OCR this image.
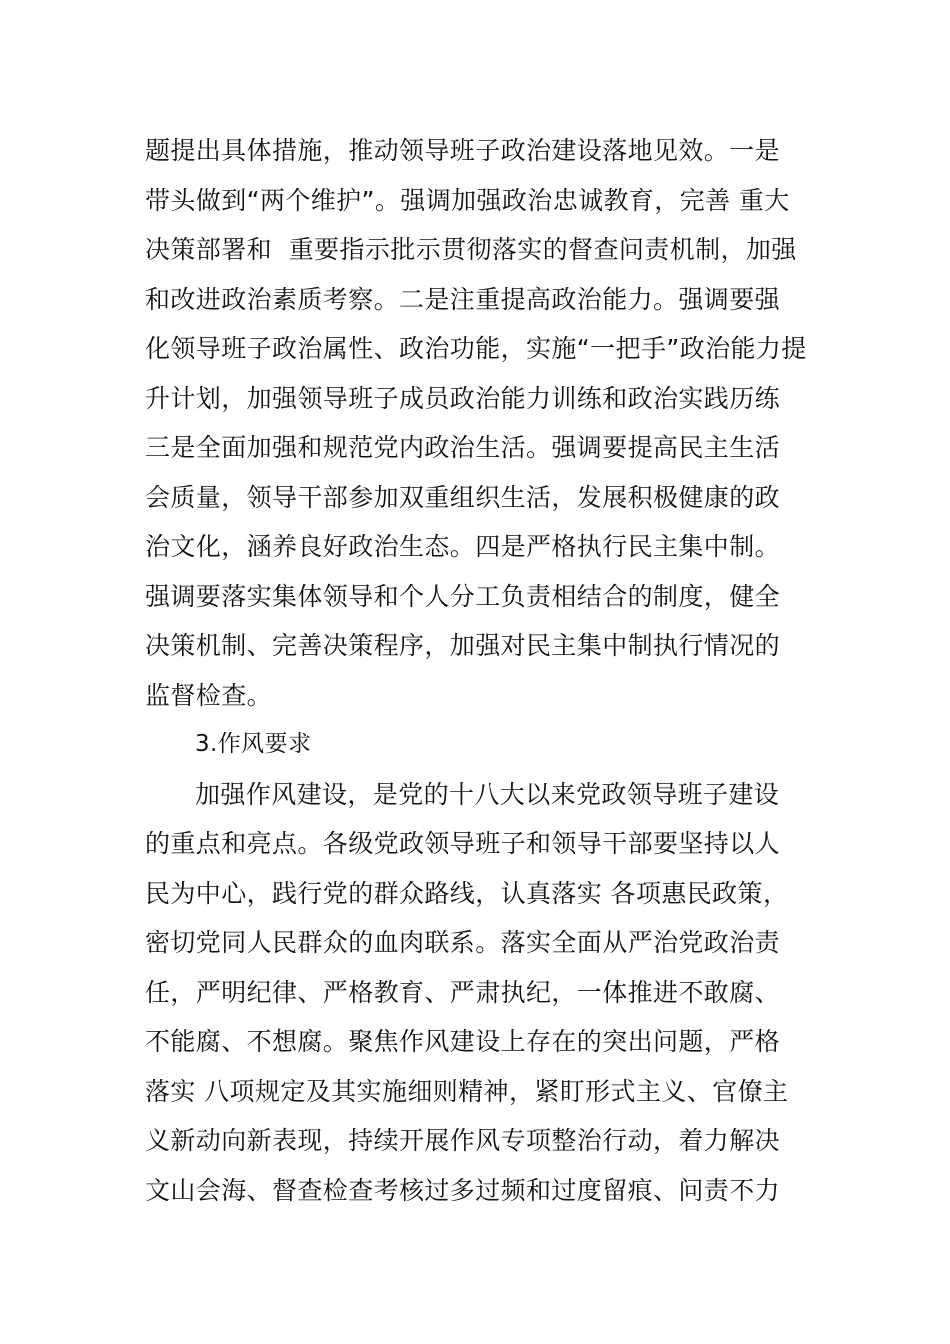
题提出具体措施，推动领导班子政治建设落地见效。一是
带头做到“两个维护”。强调加强政治忠诚教育，完善 重大
决策部署和  重要指示批示贯彻落实的督查问责机制，加强
和改进政治素质考察。二是注重提高政治能力。强调要强
化领导班子政治属性、政治功能，实施“一把手”政治能力提
升计划，加强领导班子成员政治能力训练和政治实践历练
三是全面加强和规范党内政治生活。强调要提高民主生活
会质量，领导干部参加双重组织生活，发展积极健康的政
治文化，涵养良好政治生态。四是严格执行民主集中制。
强调要落实集体领导和个人分工负责相结合的制度，健全
决策机制、完善决策程序，加强对民主集中制执行情况的
监督检查。
3.作风要求
加强作风建设，是党的十八大以来党政领导班子建设
的重点和亮点。各级党政领导班子和领导干部要坚持以人
民为中心，践行党的群众路线，认真落实 各项惠民政策，
密切党同人民群众的血肉联系。落实全面从严治党政治责
任，严明纪律、严格教育、严肃执纪，一体推进不敢腐、
不能腐、不想腐。聚焦作风建设上存在的突出问题，严格
落实 八项规定及其实施细则精神，紧盯形式主义、官僚主
义新动向新表现，持续开展作风专项整治行动，着力解决
文山会海、督查检查考核过多过频和过度留痕、问责不力
